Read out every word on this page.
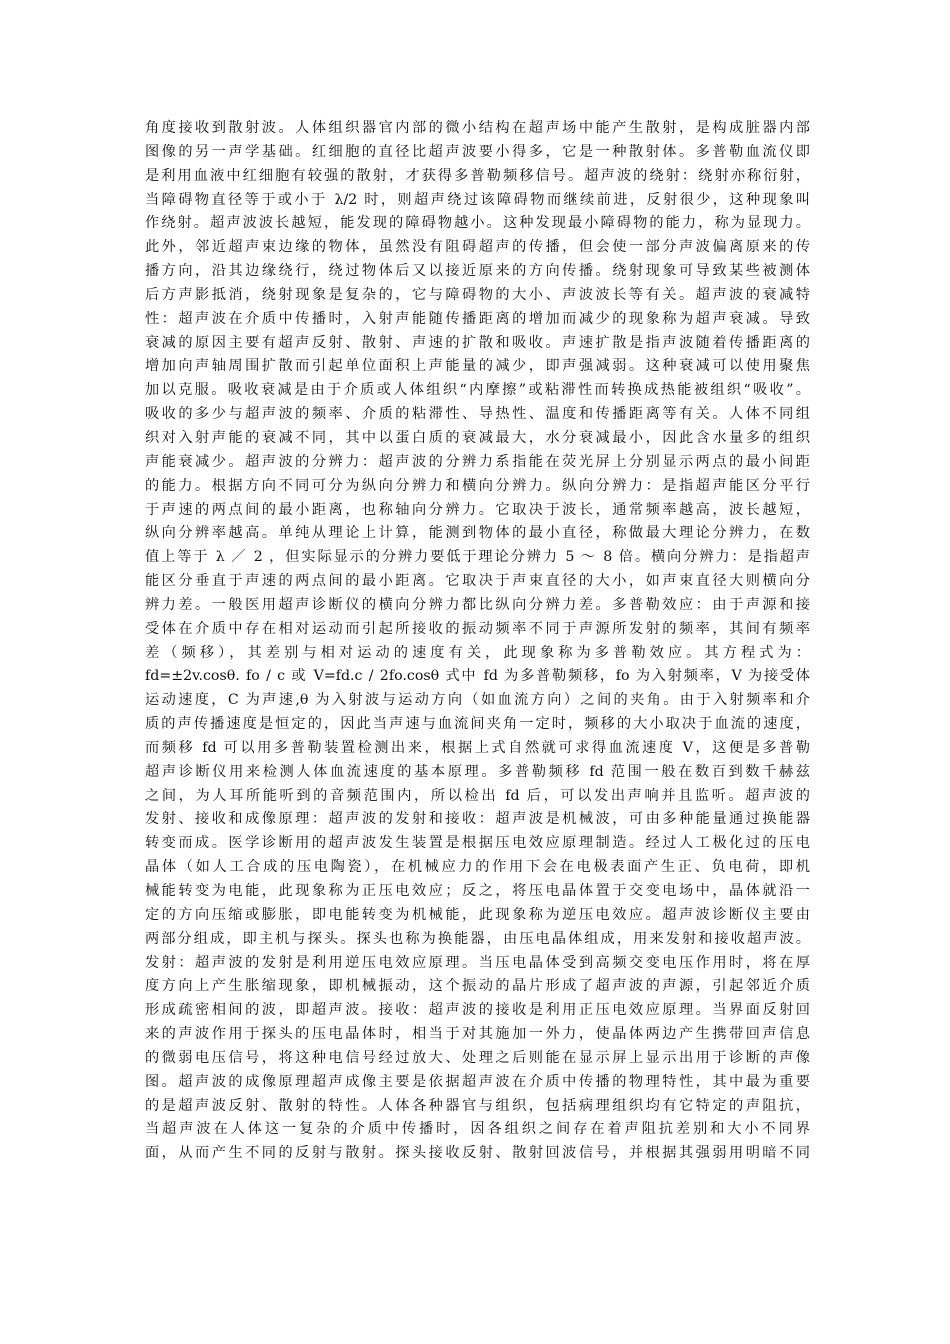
角度接收到散射波。人体组织器官内部的微小结构在超声场中能产生散射，是构成脏器内部
图像的另一声学基础。红细胞的直径比超声波要小得多，它是一种散射体。多普勒血流仪即
是利用血液中红细胞有较强的散射，才获得多普勒频移信号。超声波的绕射：绕射亦称衍射，
当障碍物直径等于或小于 λ/2 时，则超声绕过该障碍物而继续前进，反射很少，这种现象叫
作绕射。超声波波长越短，能发现的障碍物越小。这种发现最小障碍物的能力，称为显现力。
此外，邻近超声束边缘的物体，虽然没有阻碍超声的传播，但会使一部分声波偏离原来的传
播方向，沿其边缘绕行，绕过物体后又以接近原来的方向传播。绕射现象可导致某些被测体
后方声影抵消，绕射现象是复杂的，它与障碍物的大小、声波波长等有关。超声波的衰减特
性：超声波在介质中传播时，入射声能随传播距离的增加而减少的现象称为超声衰减。导致
衰减的原因主要有超声反射、散射、声速的扩散和吸收。声速扩散是指声波随着传播距离的
增加向声轴周围扩散而引起单位面积上声能量的减少，即声强减弱。这种衰减可以使用聚焦
加以克服。吸收衰减是由于介质或人体组织“内摩擦”或粘滞性而转换成热能被组织“吸收”。
吸收的多少与超声波的频率、介质的粘滞性、导热性、温度和传播距离等有关。人体不同组
织对入射声能的衰减不同，其中以蛋白质的衰减最大，水分衰减最小，因此含水量多的组织
声能衰减少。超声波的分辨力：超声波的分辨力系指能在荧光屏上分别显示两点的最小间距
的能力。根据方向不同可分为纵向分辨力和横向分辨力。纵向分辨力：是指超声能区分平行
于声速的两点间的最小距离，也称轴向分辨力。它取决于波长，通常频率越高，波长越短，
纵向分辨率越高。单纯从理论上计算，能测到物体的最小直径，称做最大理论分辨力，在数
值上等于 λ ／ 2 ，但实际显示的分辨力要低于理论分辨力 5 ～ 8 倍。横向分辨力：是指超声
能区分垂直于声速的两点间的最小距离。它取决于声束直径的大小，如声束直径大则横向分
辨力差。一般医用超声诊断仪的横向分辨力都比纵向分辨力差。多普勒效应：由于声源和接
受体在介质中存在相对运动而引起所接收的振动频率不同于声源所发射的频率，其间有频率
差（频移），其差别与相对运动的速度有关，此现象称为多普勒效应。其方程式为：
fd=±2v.cosθ. fo / c 或 V=fd.c / 2fo.cosθ 式中 fd 为多普勒频移，fo 为入射频率，V 为接受体
运动速度，C 为声速,θ 为入射波与运动方向（如血流方向）之间的夹角。由于入射频率和介
质的声传播速度是恒定的，因此当声速与血流间夹角一定时，频移的大小取决于血流的速度，
而频移 fd 可以用多普勒装置检测出来，根据上式自然就可求得血流速度 V，这便是多普勒
超声诊断仪用来检测人体血流速度的基本原理。多普勒频移 fd 范围一般在数百到数千赫兹
之间，为人耳所能听到的音频范围内，所以检出 fd 后，可以发出声响并且监听。超声波的
发射、接收和成像原理：超声波的发射和接收：超声波是机械波，可由多种能量通过换能器
转变而成。医学诊断用的超声波发生装置是根据压电效应原理制造。经过人工极化过的压电
晶体（如人工合成的压电陶瓷），在机械应力的作用下会在电极表面产生正、负电荷，即机
械能转变为电能，此现象称为正压电效应；反之，将压电晶体置于交变电场中，晶体就沿一
定的方向压缩或膨胀，即电能转变为机械能，此现象称为逆压电效应。超声波诊断仪主要由
两部分组成，即主机与探头。探头也称为换能器，由压电晶体组成，用来发射和接收超声波。
发射：超声波的发射是利用逆压电效应原理。当压电晶体受到高频交变电压作用时，将在厚
度方向上产生胀缩现象，即机械振动，这个振动的晶片形成了超声波的声源，引起邻近介质
形成疏密相间的波，即超声波。接收：超声波的接收是利用正压电效应原理。当界面反射回
来的声波作用于探头的压电晶体时，相当于对其施加一外力，使晶体两边产生携带回声信息
的微弱电压信号，将这种电信号经过放大、处理之后则能在显示屏上显示出用于诊断的声像
图。超声波的成像原理超声成像主要是依据超声波在介质中传播的物理特性，其中最为重要
的是超声波反射、散射的特性。人体各种器官与组织，包括病理组织均有它特定的声阻抗，
当超声波在人体这一复杂的介质中传播时，因各组织之间存在着声阻抗差别和大小不同界
面，从而产生不同的反射与散射。探头接收反射、散射回波信号，并根据其强弱用明暗不同
